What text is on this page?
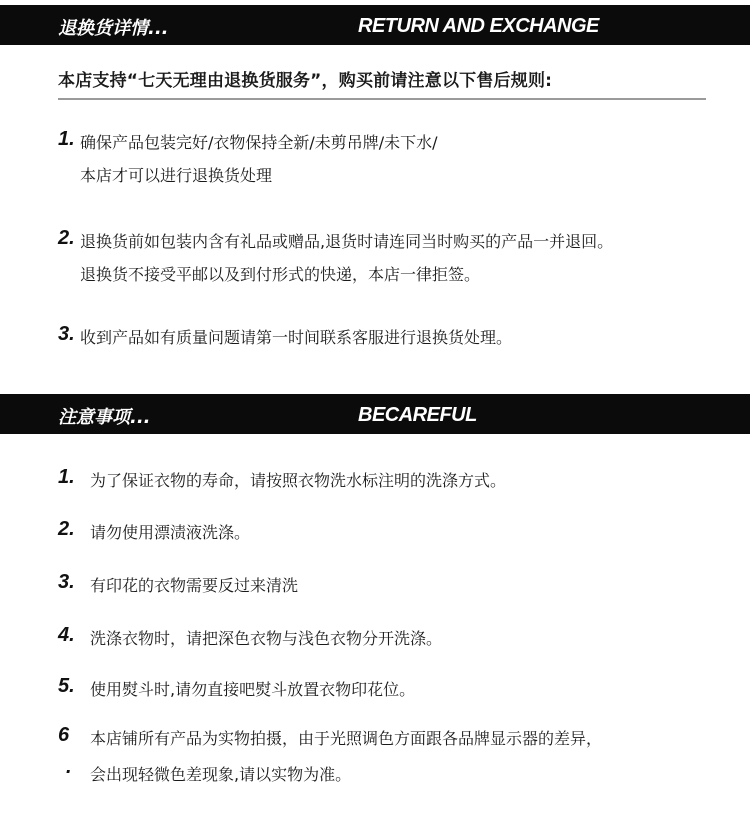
退换货详情...	RETURN AND EXCHANGE
本店支持“七天无理由退换货服务”，购买前请注意以下售后规则:
1. 确保产品包装完好/衣物保持全新/未剪吊牌/未下水/
本店才可以进行退换货处理
2. 退换货前如包装内含有礼品或赠品,退货时请连同当时购买的产品一并退回。
退换货不接受平邮以及到付形式的快递，本店一律拒签。
3. 收到产品如有质量问题请第一时间联系客服进行退换货处理。
注意事项...	BECAREFUL
1. 为了保证衣物的寿命，请按照衣物洗水标注明的洗涤方式。
2. 请勿使用漂渍液洗涤。
3. 有印花的衣物需要反过来清洗
4. 洗涤衣物时，请把深色衣物与浅色衣物分开洗涤。
5. 使用熨斗时,请勿直接吧熨斗放置衣物印花位。
6 本店铺所有产品为实物拍摄，由于光照调色方面跟各品牌显示器的差异，
. 会出现轻微色差现象,请以实物为准。
